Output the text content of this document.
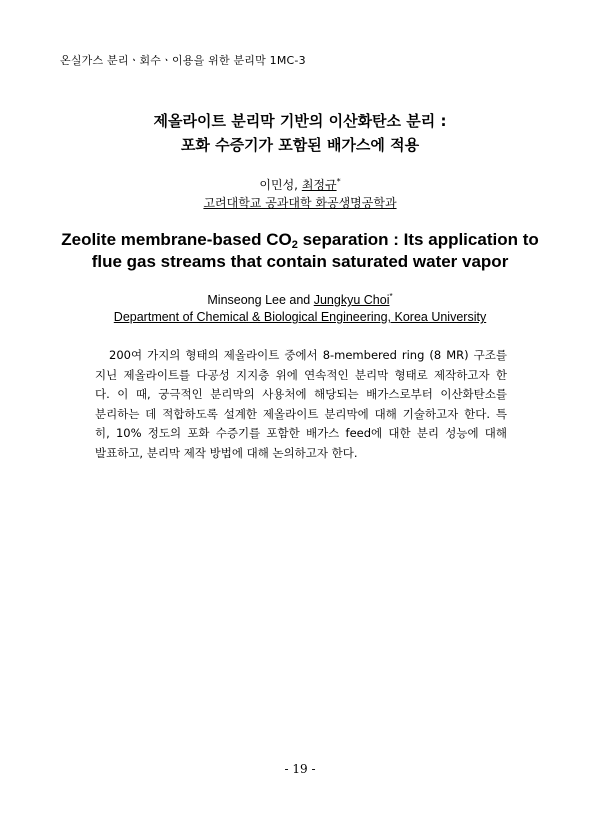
온실가스 분리ㆍ회수ㆍ이용을 위한 분리막 1MC-3
제올라이트 분리막 기반의 이산화탄소 분리 :
포화 수증기가 포함된 배가스에 적용
이민성, 최정규*
고려대학교 공과대학 화공생명공학과
Zeolite membrane-based $CO_2$ separation : Its application to
flue gas streams that contain saturated water vapor
Minseong Lee and Jungkyu Choi*
Department of Chemical & Biological Engineering, Korea University
200여 가지의 형태의 제올라이트 중에서 8-membered ring (8 MR) 구조를
지닌 제올라이트를 다공성 지지층 위에 연속적인 분리막 형태로 제작하고자 한
다. 이 때, 궁극적인 분리막의 사용처에 해당되는 배가스로부터 이산화탄소를
분리하는 데 적합하도록 설계한 제올라이트 분리막에 대해 기술하고자 한다. 특
히, 10% 정도의 포화 수증기를 포함한 배가스 feed에 대한 분리 성능에 대해
발표하고, 분리막 제작 방법에 대해 논의하고자 한다.
- 19 -
